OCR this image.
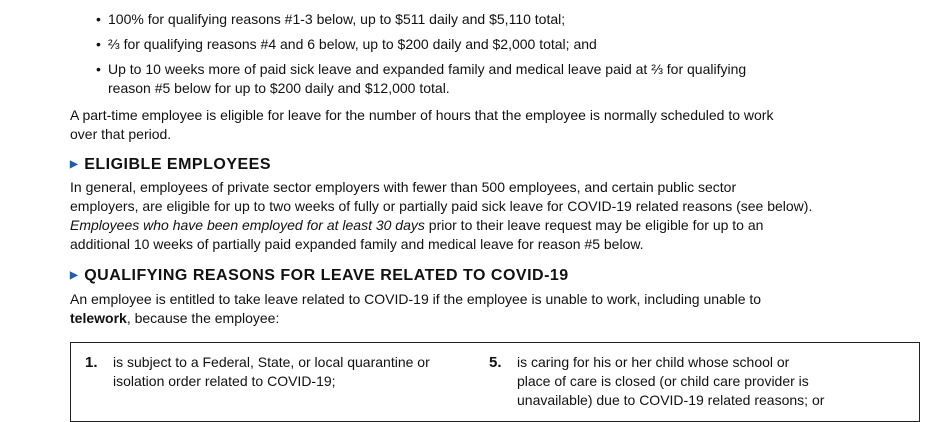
• 100% for qualifying reasons #1-3 below, up to $511 daily and $5,110 total;
• ⅔ for qualifying reasons #4 and 6 below, up to $200 daily and $2,000 total; and
• Up to 10 weeks more of paid sick leave and expanded family and medical leave paid at ⅔ for qualifying
reason #5 below for up to $200 daily and $12,000 total.

A part-time employee is eligible for leave for the number of hours that the employee is normally scheduled to work
over that period.

▶ ELIGIBLE EMPLOYEES

In general, employees of private sector employers with fewer than 500 employees, and certain public sector
employers, are eligible for up to two weeks of fully or partially paid sick leave for COVID-19 related reasons (see below).
Employees who have been employed for at least 30 days prior to their leave request may be eligible for up to an
additional 10 weeks of partially paid expanded family and medical leave for reason #5 below.

▶ QUALIFYING REASONS FOR LEAVE RELATED TO COVID-19

An employee is entitled to take leave related to COVID-19 if the employee is unable to work, including unable to
telework, because the employee:

1. is subject to a Federal, State, or local quarantine or
isolation order related to COVID-19;
5. is caring for his or her child whose school or
place of care is closed (or child care provider is
unavailable) due to COVID-19 related reasons; or
